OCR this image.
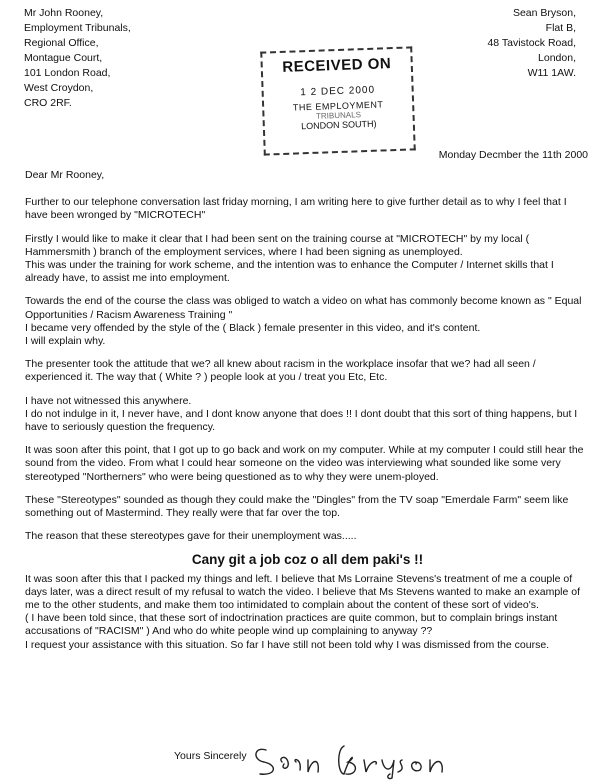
Mr John Rooney,
Employment Tribunals,
Regional Office,
Montague Court,
101 London Road,
West Croydon,
CRO 2RF.
Sean Bryson,
Flat B,
48 Tavistock Road,
London,
W11 1AW.
RECEIVED ON
1 2 DEC 2000
THE EMPLOYMENT
TRIBUNALS
LONDON SOUTH)
Monday Decmber the 11th 2000

Dear Mr Rooney,

Further to our telephone conversation last friday morning, I am writing here to give further detail as to why I feel that I have been wronged by "MICROTECH"

Firstly I would like to make it clear that I had been sent on the training course at "MICROTECH" by my local ( Hammersmith ) branch of the employment services, where I had been signing as unemployed.
This was under the training for work scheme, and the intention was to enhance the Computer / Internet skills that I already have, to assist me into employment.

Towards the end of the course the class was obliged to watch a video on what has commonly become known as " Equal Opportunities / Racism Awareness Training "
I became very offended by the style of the ( Black ) female presenter in this video, and it's content.
I will explain why.

The presenter took the attitude that we? all knew about racism in the workplace insofar that we? had all seen / experienced it. The way that ( White ? ) people look at you / treat you Etc, Etc.

I have not witnessed this anywhere.
I do not indulge in it, I never have, and I dont know anyone that does !! I dont doubt that this sort of thing happens, but I have to seriously question the frequency.

It was soon after this point, that I got up to go back and work on my computer. While at my computer I could still hear the sound from the video. From what I could hear someone on the video was interviewing what sounded like some very stereotyped "Northerners" who were being questioned as to why they were unem-ployed.

These "Stereotypes" sounded as though they could make the "Dingles" from the TV soap "Emerdale Farm" seem like something out of Mastermind. They really were that far over the top.

The reason that these stereotypes gave for their unemployment was.....

Cany git a job coz o all dem paki's !!

It was soon after this that I packed my things and left. I believe that Ms Lorraine Stevens's treatment of me a couple of days later, was a direct result of my refusal to watch the video. I believe that Ms Stevens wanted to make an example of me to the other students, and make them too intimidated to complain about the content of these sort of video's.
( I have been told since, that these sort of indoctrination practices are quite common, but to complain brings instant accusations of "RACISM" ) And who do white people wind up complaining to anyway ??
I request your assistance with this situation. So far I have still not been told why I was dismissed from the course.

Yours Sincerely
